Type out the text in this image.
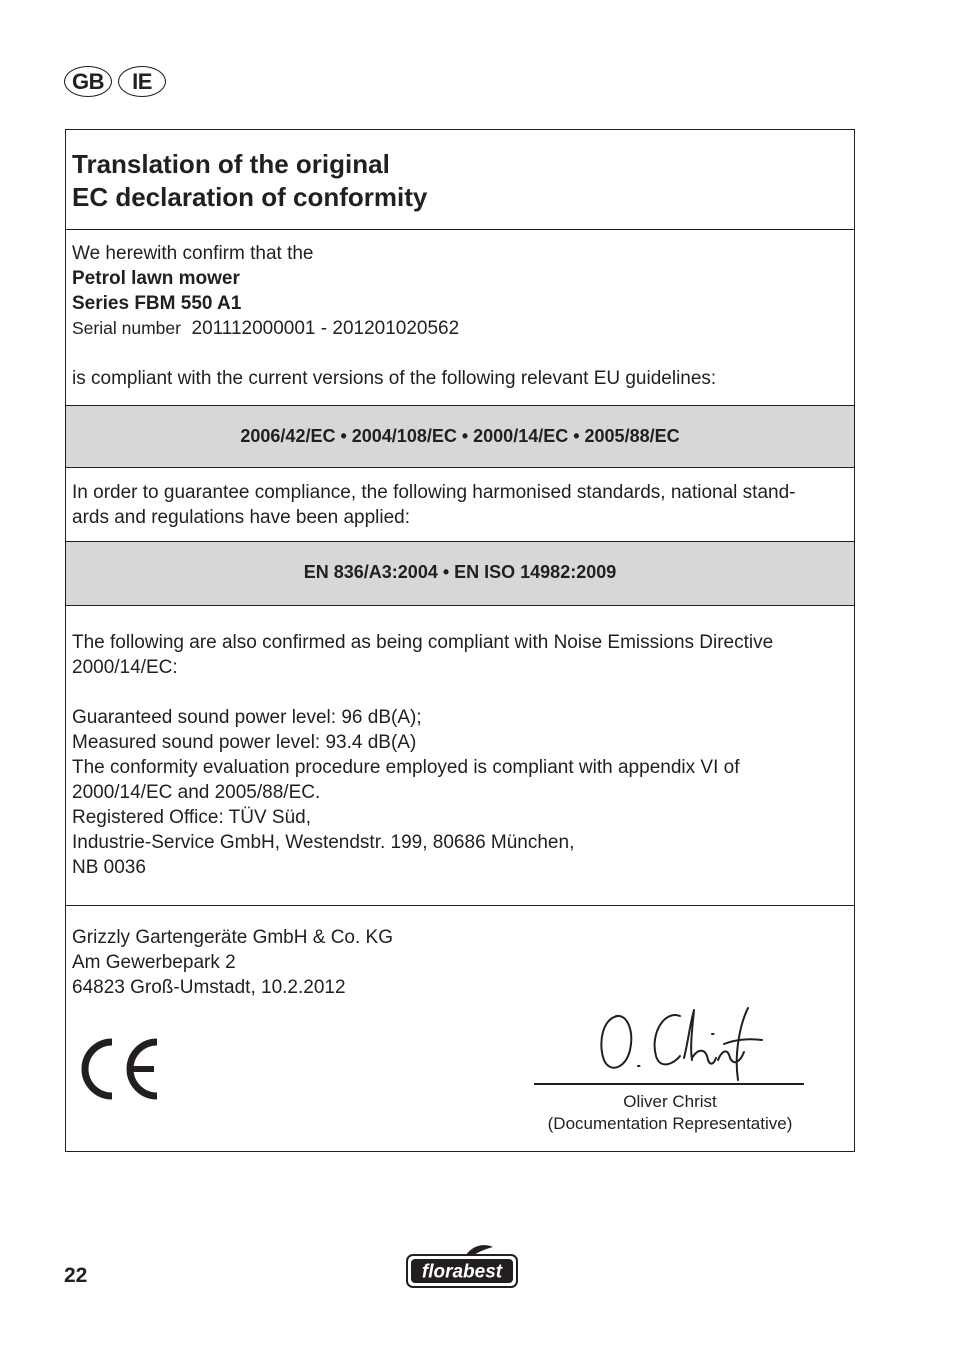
GB	IE
Translation of the original
EC declaration of conformity
We herewith confirm that the
Petrol lawn mower
Series FBM 550 A1
Serial number 201112000001 - 201201020562
is compliant with the current versions of the following relevant EU guidelines:
2006/42/EC • 2004/108/EC • 2000/14/EC • 2005/88/EC
In order to guarantee compliance, the following harmonised standards, national stand-
ards and regulations have been applied:
EN 836/A3:2004 • EN ISO 14982:2009
The following are also confirmed as being compliant with Noise Emissions Directive
2000/14/EC:
Guaranteed sound power level: 96 dB(A);
Measured sound power level: 93.4 dB(A)
The conformity evaluation procedure employed is compliant with appendix VI of
2000/14/EC and 2005/88/EC.
Registered Office: TÜV Süd,
Industrie-Service GmbH, Westendstr. 199, 80686 München,
NB 0036
Grizzly Gartengeräte GmbH & Co. KG
Am Gewerbepark 2
64823 Groß-Umstadt, 10.2.2012
Oliver Christ
(Documentation Representative)
22	florabest
